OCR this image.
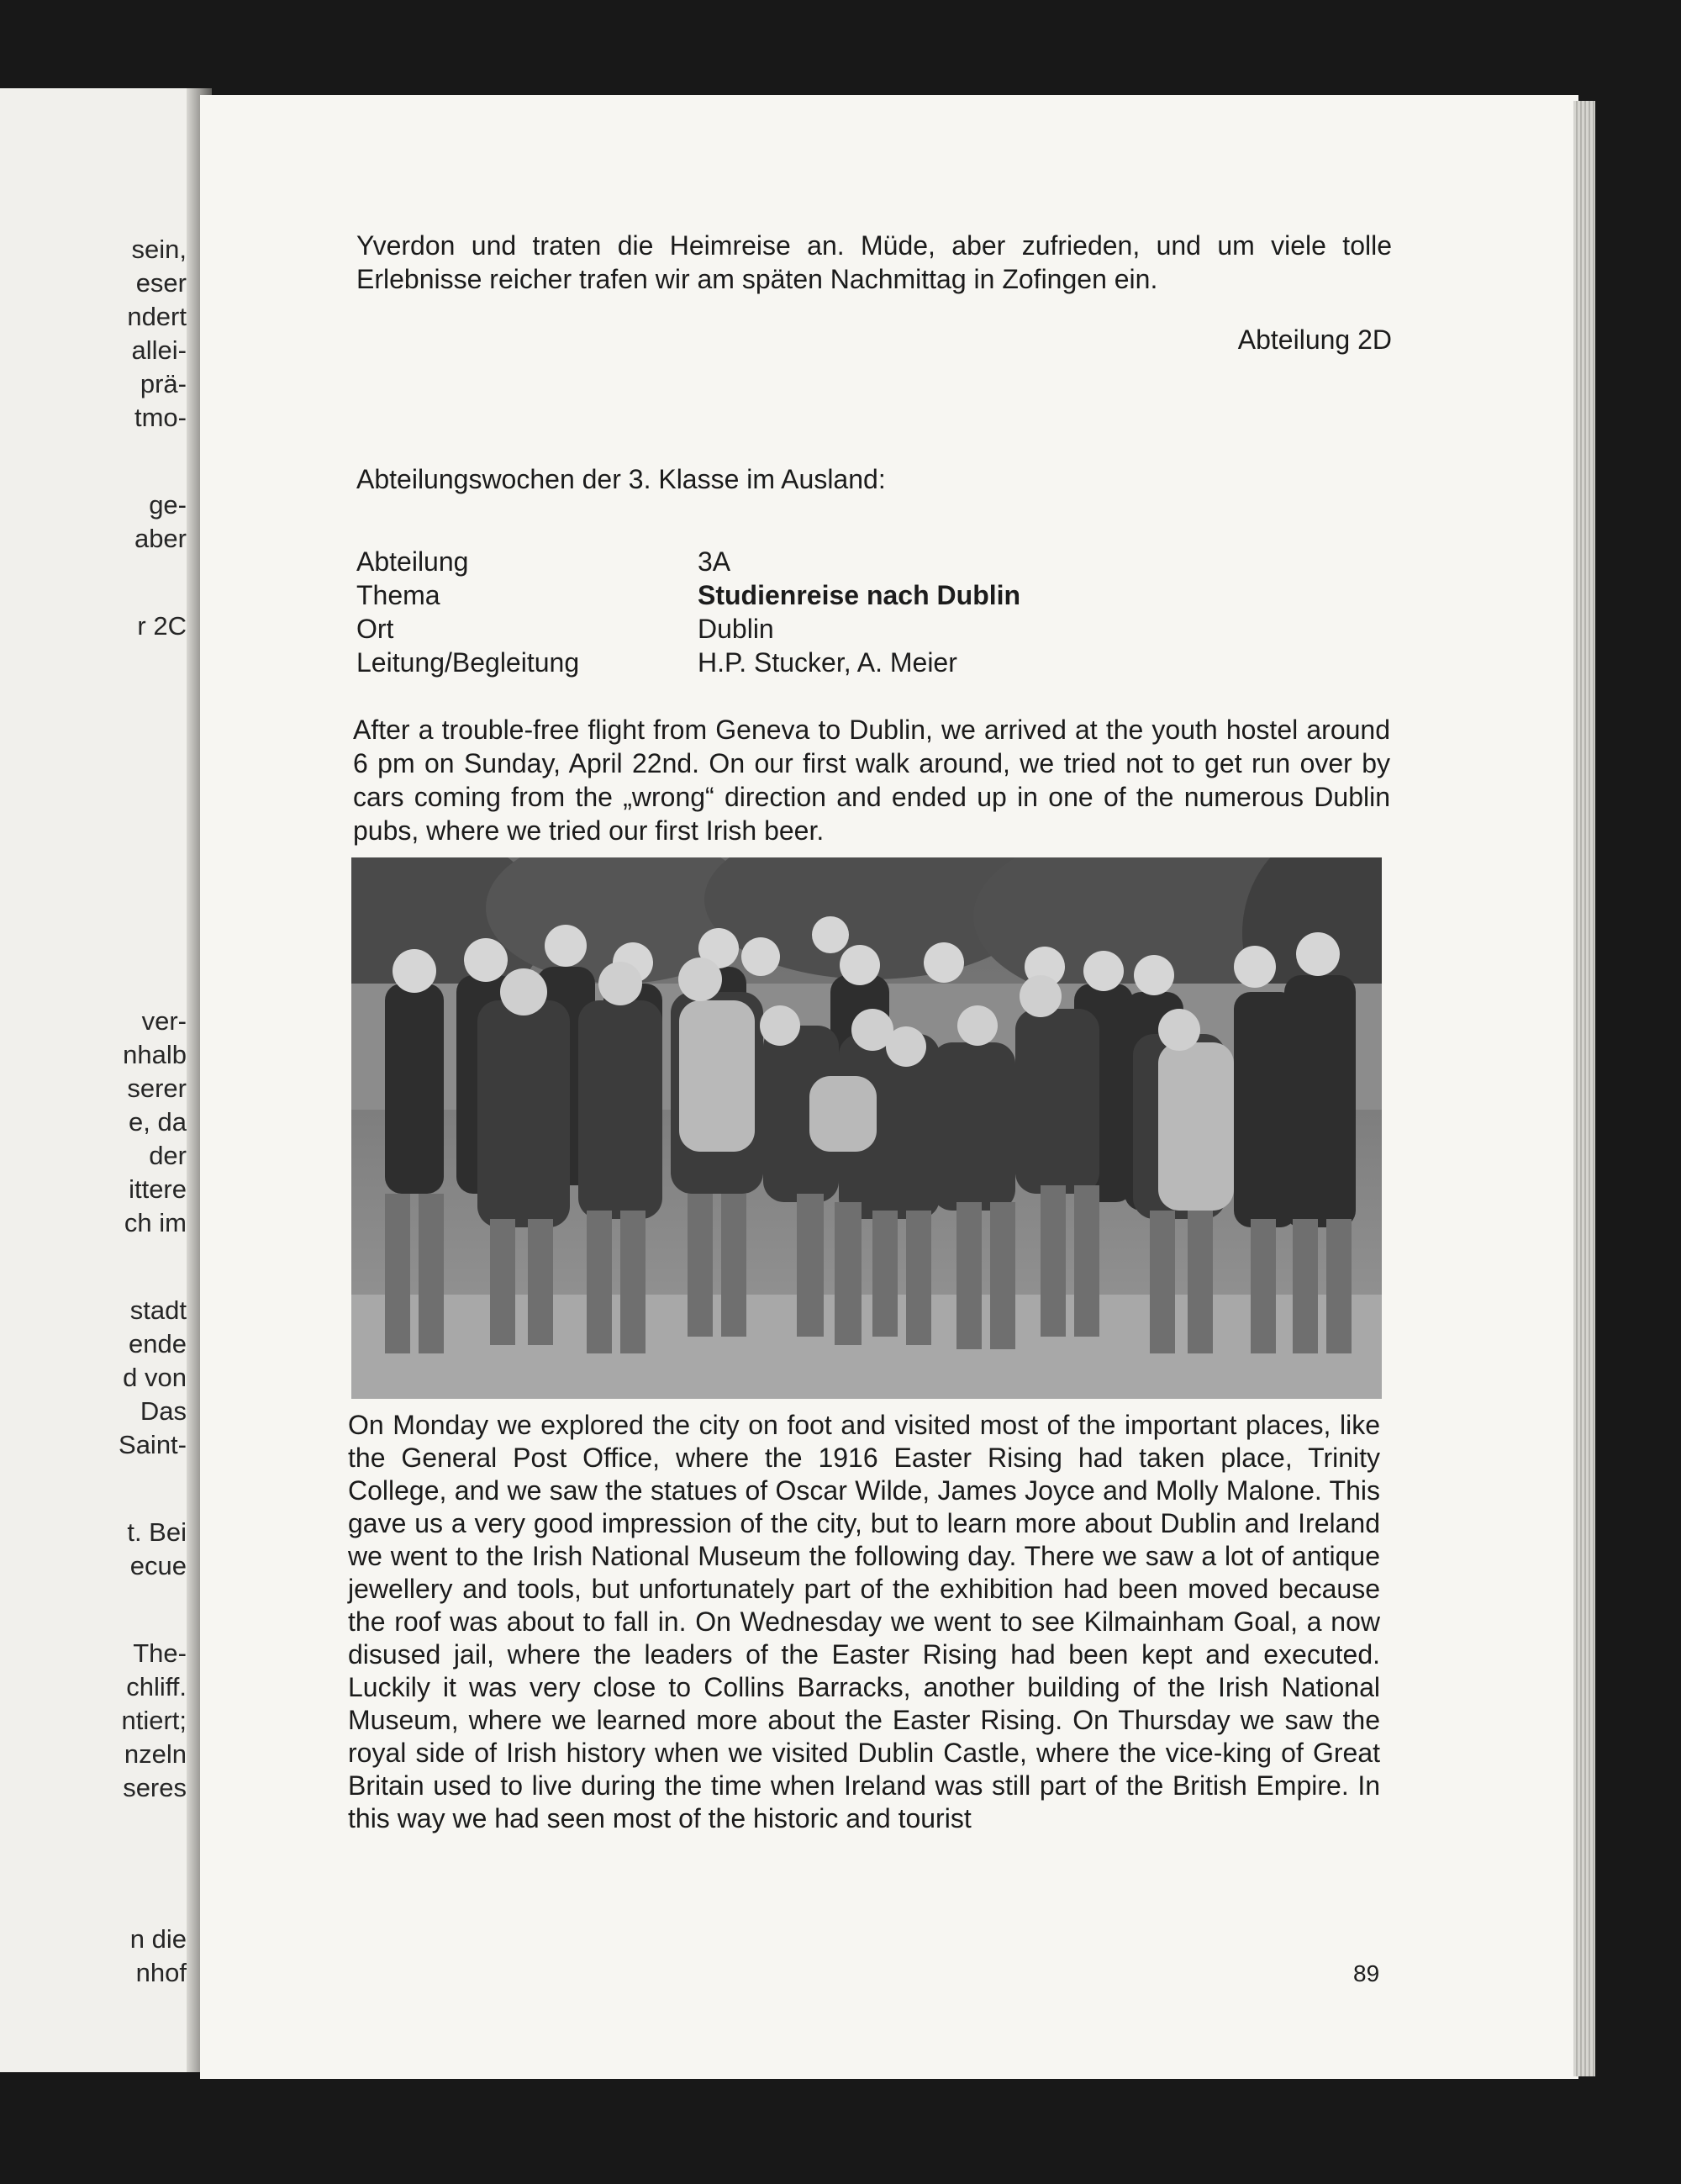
sein,
eser
ndert
allei-
prä-
tmo-
ge-
aber
r 2C
ver-
nhalb
serer
e, da
der
ittere
ch im
stadt
ende
d von
Das
Saint-
t. Bei
ecue
The-
chliff.
ntiert;
nzeln
seres
n die
nhof
Yverdon und traten die Heimreise an. Müde, aber zufrieden, und um viele tolle Erlebnisse reicher trafen wir am späten Nachmittag in Zofingen ein.
Abteilung 2D
Abteilungswochen der 3. Klasse im Ausland:
Abteilung	3A
Thema	Studienreise nach Dublin
Ort	Dublin
Leitung/Begleitung	H.P. Stucker, A. Meier
After a trouble-free flight from Geneva to Dublin, we arrived at the youth hostel around 6 pm on Sunday, April 22nd. On our first walk around, we tried not to get run over by cars coming from the „wrong“ direction and ended up in one of the numerous Dublin pubs, where we tried our first Irish beer.
On Monday we explored the city on foot and visited most of the important places, like the General Post Office, where the 1916 Easter Rising had taken place, Trinity College, and we saw the statues of Oscar Wilde, James Joyce and Molly Malone. This gave us a very good impression of the city, but to learn more about Dublin and Ireland we went to the Irish National Museum the following day. There we saw a lot of antique jewellery and tools, but unfortunately part of the exhibition had been moved because the roof was about to fall in. On Wednesday we went to see Kilmainham Goal, a now disused jail, where the leaders of the Easter Rising had been kept and executed. Luckily it was very close to Collins Barracks, another building of the Irish National Museum, where we learned more about the Easter Rising. On Thursday we saw the royal side of Irish history when we visited Dublin Castle, where the vice-king of Great Britain used to live during the time when Ireland was still part of the British Empire. In this way we had seen most of the historic and tourist
89
